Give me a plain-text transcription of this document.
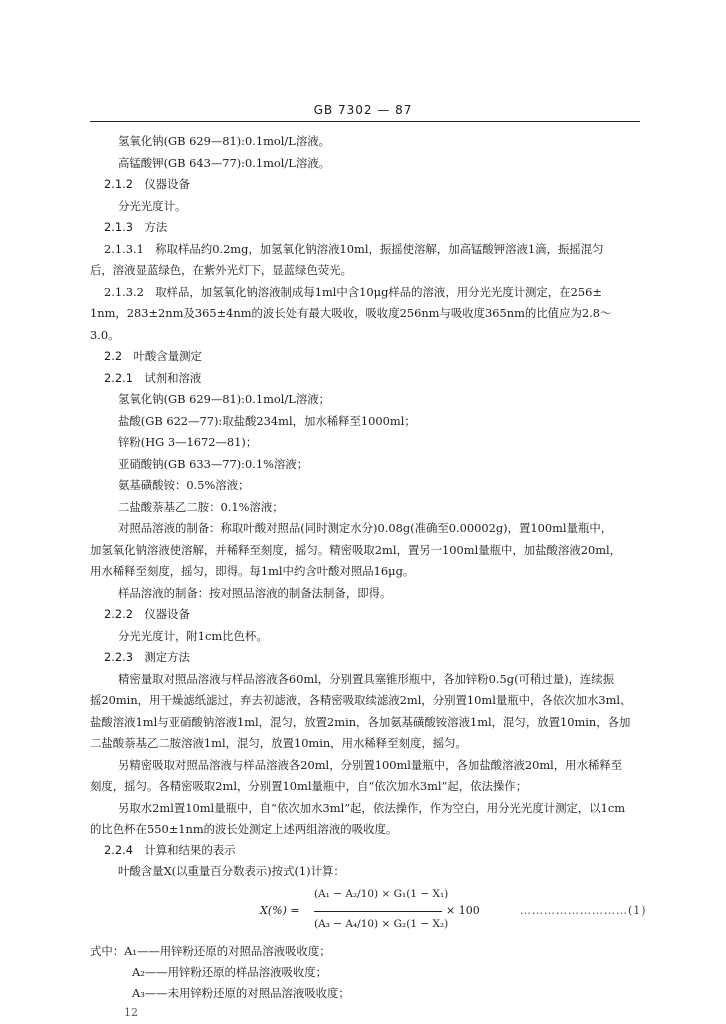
GB 7302 — 87
氢氧化钠(GB 629—81):0.1mol/L溶液。
高锰酸钾(GB 643—77):0.1mol/L溶液。
2.1.2　仪器设备
分光光度计。
2.1.3　方法
2.1.3.1　称取样品约0.2mg，加氢氧化钠溶液10ml，振摇使溶解，加高锰酸钾溶液1滴，振摇混匀
后，溶液显蓝绿色，在紫外光灯下，显蓝绿色荧光。
2.1.3.2　取样品，加氢氧化钠溶液制成每1ml中含10μg样品的溶液，用分光光度计测定，在256±
1nm，283±2nm及365±4nm的波长处有最大吸收，吸收度256nm与吸收度365nm的比值应为2.8～
3.0。
2.2　叶酸含量测定
2.2.1　试剂和溶液
氢氧化钠(GB 629—81):0.1mol/L溶液；
盐酸(GB 622—77):取盐酸234ml，加水稀释至1000ml；
锌粉(HG 3—1672—81)；
亚硝酸钠(GB 633—77):0.1%溶液；
氨基磺酸铵：0.5%溶液；
二盐酸萘基乙二胺：0.1%溶液；
对照品溶液的制备：称取叶酸对照品(同时测定水分)0.08g(准确至0.00002g)，置100ml量瓶中，
加氢氧化钠溶液使溶解，并稀释至刻度，摇匀。精密吸取2ml，置另一100ml量瓶中，加盐酸溶液20ml，
用水稀释至刻度，摇匀，即得。每1ml中约含叶酸对照品16μg。
样品溶液的制备：按对照品溶液的制备法制备，即得。
2.2.2　仪器设备
分光光度计，附1cm比色杯。
2.2.3　测定方法
精密量取对照品溶液与样品溶液各60ml，分别置具塞锥形瓶中，各加锌粉0.5g(可稍过量)，连续振
摇20min，用干燥滤纸滤过，弃去初滤液，各精密吸取续滤液2ml，分别置10ml量瓶中，各依次加水3ml、
盐酸溶液1ml与亚硝酸钠溶液1ml，混匀，放置2min，各加氨基磺酸铵溶液1ml，混匀，放置10min，各加
二盐酸萘基乙二胺溶液1ml，混匀，放置10min，用水稀释至刻度，摇匀。
另精密吸取对照品溶液与样品溶液各20ml，分别置100ml量瓶中，各加盐酸溶液20ml，用水稀释至
刻度，摇匀。各精密吸取2ml，分别置10ml量瓶中，自“依次加水3ml”起，依法操作；
另取水2ml置10ml量瓶中，自“依次加水3ml”起，依法操作，作为空白，用分光光度计测定，以1cm
的比色杯在550±1nm的波长处测定上述两组溶液的吸收度。
2.2.4　计算和结果的表示
叶酸含量X(以重量百分数表示)按式(1)计算：
X(%) =
(A₁ − A₂/10) × G₁(1 − X₁)
(A₃ − A₄/10) × G₂(1 − X₂)
× 100	………………………(1)
式中：A₁——用锌粉还原的对照品溶液吸收度；
A₂——用锌粉还原的样品溶液吸收度；
A₃——未用锌粉还原的对照品溶液吸收度；
12
